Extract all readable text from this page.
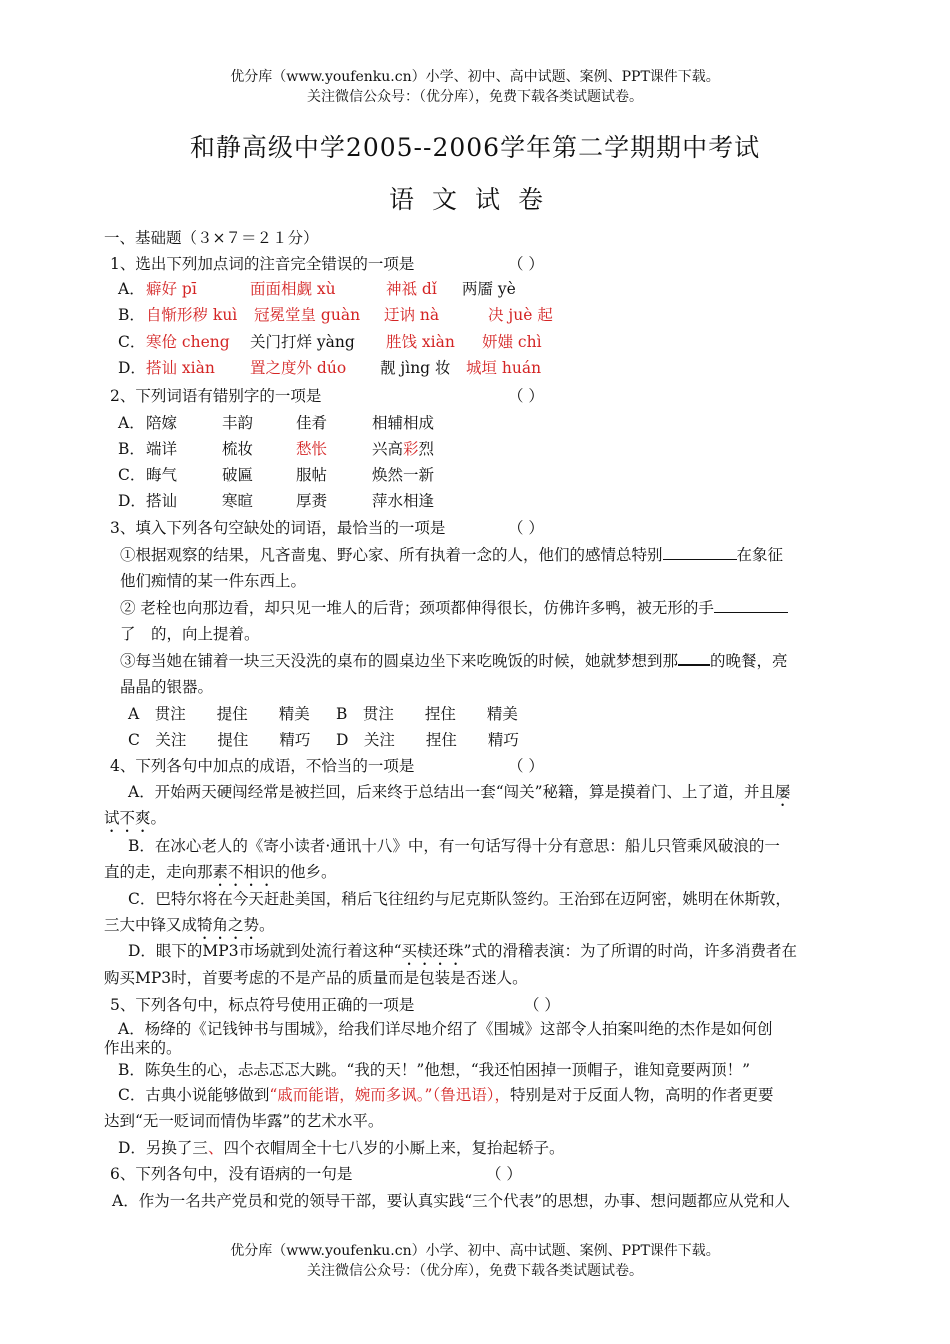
优分库（www.youfenku.cn）小学、初中、高中试题、案例、PPT课件下载。
关注微信公众号：（优分库），免费下载各类试题试卷。
和静高级中学2005--2006学年第二学期期中考试
语文试卷
一、基础题（３×７＝２１分）
1、选出下列加点词的注音完全错误的一项是	（ ）
A． 癖好 pī	面面相觑 xù	神祗 dǐ 两靥 yè
B． 自惭形秽 kuì 冠冕堂皇 guàn 迂讷 nà	决 juè 起
C． 寒伧 cheng 关门打烊 yàng 胜饯 xiàn 妍媸 chì
D． 搭讪 xiàn 置之度外 dúo 靓 jìng 妆 城垣 huán
2、下列词语有错别字的一项是	（ ）
A． 陪嫁	丰韵	佳肴	相辅相成
B． 端详	梳妆	愁怅	兴高彩烈
C． 晦气	破匾	服帖	焕然一新
D． 搭讪	寒暄	厚赉	萍水相逢
3、填入下列各句空缺处的词语，最恰当的一项是	（ ）
①根据观察的结果，凡吝啬鬼、野心家、所有执着一念的人，他们的感情总特别	在象征
他们痴情的某一件东西上。
② 老栓也向那边看，却只见一堆人的后背；颈项都伸得很长，仿佛许多鸭，被无形的手
了　的，向上提着。
③每当她在铺着一块三天没洗的桌布的圆桌边坐下来吃晚饭的时候，她就梦想到那 的晚餐，亮
晶晶的银器。
A　贯注　　提住　　精美 B　贯注　　捏住　　精美
C　关注　　提住　　精巧 D　关注　　捏住　　精巧
4、下列各句中加点的成语，不恰当的一项是	（ ）
A．开始两天硬闯经常是被拦回，后来终于总结出一套“闯关”秘籍，算是摸着门、上了道，并且屡
试不爽。
B．在冰心老人的《寄小读者·通讯十八》中，有一句话写得十分有意思：船儿只管乘风破浪的一
直的走，走向那素不相识的他乡。
C．巴特尔将在今天赶赴美国，稍后飞往纽约与尼克斯队签约。王治郅在迈阿密，姚明在休斯敦，
三大中锋又成犄角之势。
D．眼下的MP3市场就到处流行着这种“买椟还珠”式的滑稽表演：为了所谓的时尚，许多消费者在
购买MP3时，首要考虑的不是产品的质量而是包装是否迷人。
5、下列各句中，标点符号使用正确的一项是	（ ）
A．杨绛的《记钱钟书与围城》，给我们详尽地介绍了《围城》这部令人拍案叫绝的杰作是如何创
作出来的。
B．陈奂生的心，忐忐忑忑大跳。“我的天！”他想，“我还怕困掉一顶帽子，谁知竟要两顶！”
C．古典小说能够做到“戚而能谐，婉而多讽。”（鲁迅语），特别是对于反面人物，高明的作者更要
达到“无一贬词而情伪毕露”的艺术水平。
D．另换了三、四个衣帽周全十七八岁的小厮上来，复抬起轿子。
6、下列各句中，没有语病的一句是	（ ）
A．作为一名共产党员和党的领导干部，要认真实践“三个代表”的思想，办事、想问题都应从党和人
优分库（www.youfenku.cn）小学、初中、高中试题、案例、PPT课件下载。
关注微信公众号：（优分库），免费下载各类试题试卷。
